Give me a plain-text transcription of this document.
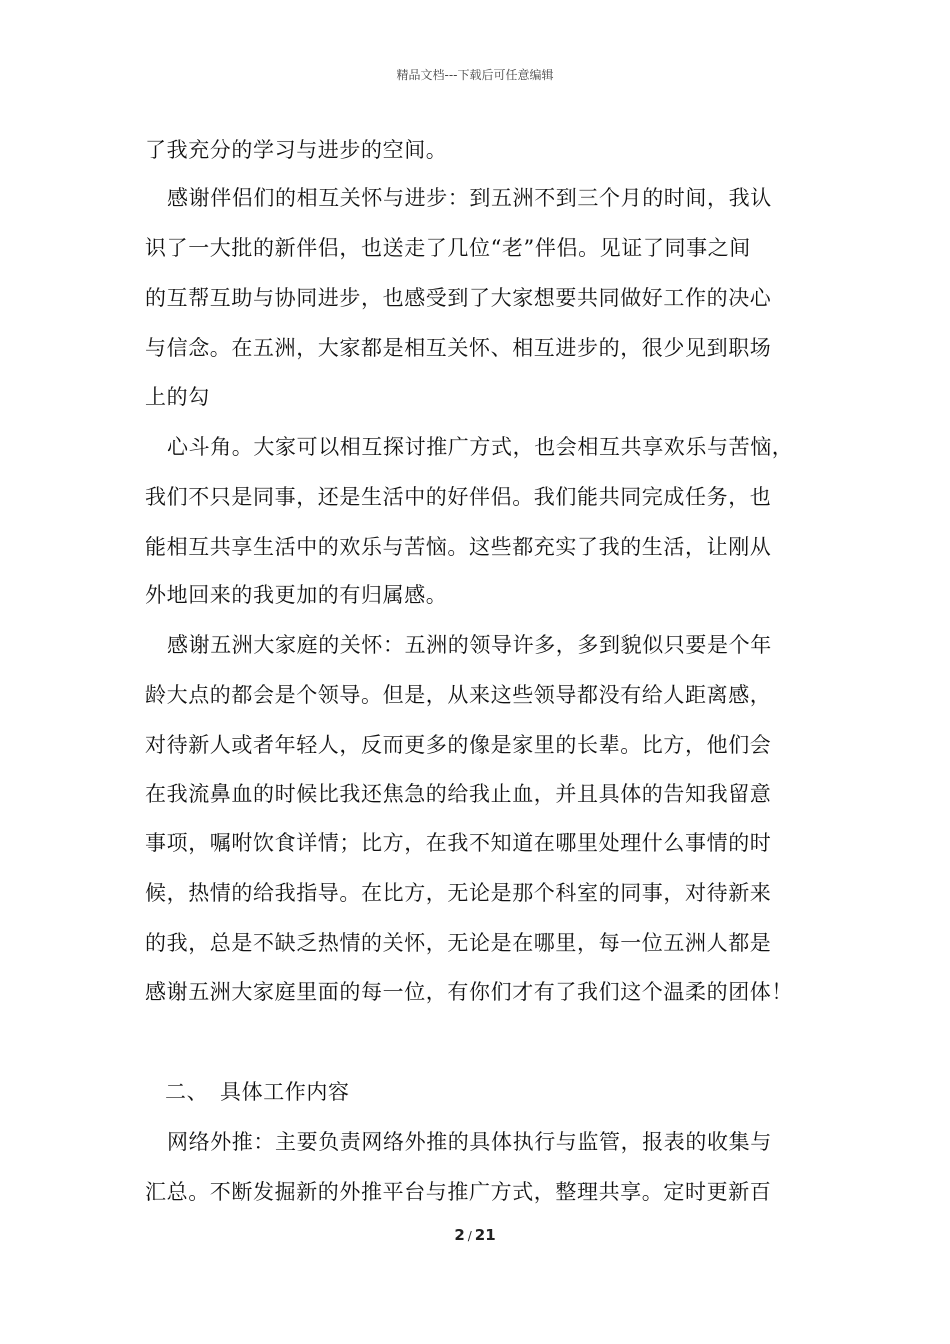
精品文档---下载后可任意编辑
了我充分的学习与进步的空间。
感谢伴侣们的相互关怀与进步：到五洲不到三个月的时间，我认
识了一大批的新伴侣，也送走了几位“老”伴侣。见证了同事之间
的互帮互助与协同进步，也感受到了大家想要共同做好工作的决心
与信念。在五洲，大家都是相互关怀、相互进步的，很少见到职场
上的勾
心斗角。大家可以相互探讨推广方式，也会相互共享欢乐与苦恼，
我们不只是同事，还是生活中的好伴侣。我们能共同完成任务，也
能相互共享生活中的欢乐与苦恼。这些都充实了我的生活，让刚从
外地回来的我更加的有归属感。
感谢五洲大家庭的关怀：五洲的领导许多，多到貌似只要是个年
龄大点的都会是个领导。但是，从来这些领导都没有给人距离感，
对待新人或者年轻人，反而更多的像是家里的长辈。比方，他们会
在我流鼻血的时候比我还焦急的给我止血，并且具体的告知我留意
事项，嘱咐饮食详情；比方，在我不知道在哪里处理什么事情的时
候，热情的给我指导。在比方，无论是那个科室的同事，对待新来
的我，总是不缺乏热情的关怀，无论是在哪里，每一位五洲人都是
感谢五洲大家庭里面的每一位，有你们才有了我们这个温柔的团体！
二、 具体工作内容
网络外推：主要负责网络外推的具体执行与监管，报表的收集与
汇总。不断发掘新的外推平台与推广方式，整理共享。定时更新百
2 / 21
